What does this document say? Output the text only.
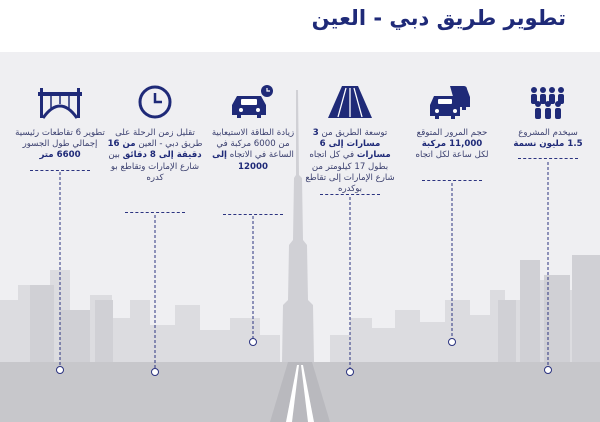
تطوير طريق دبي - العين
سيخدم المشروع
1.5 مليون نسمة
حجم المرور المتوقع
11,000 مركبة
لكل ساعة لكل اتجاه
توسعة الطريق من 3 مسارات إلى 6 مسارات في كل اتجاه بطول 17 كيلومتر من شارع الإمارات إلى تقاطع بوكدره
زيادة الطاقة الاستيعابية من 6000 مركبة في الساعة في الاتجاه إلى 12000
تقليل زمن الرحلة على طريق دبي - العين من 16 دقيقة إلى 8 دقائق بين شارع الإمارات وتقاطع بو كدره
تطوير 6 تقاطعات رئيسية إجمالي طول الجسور 6600 متر
